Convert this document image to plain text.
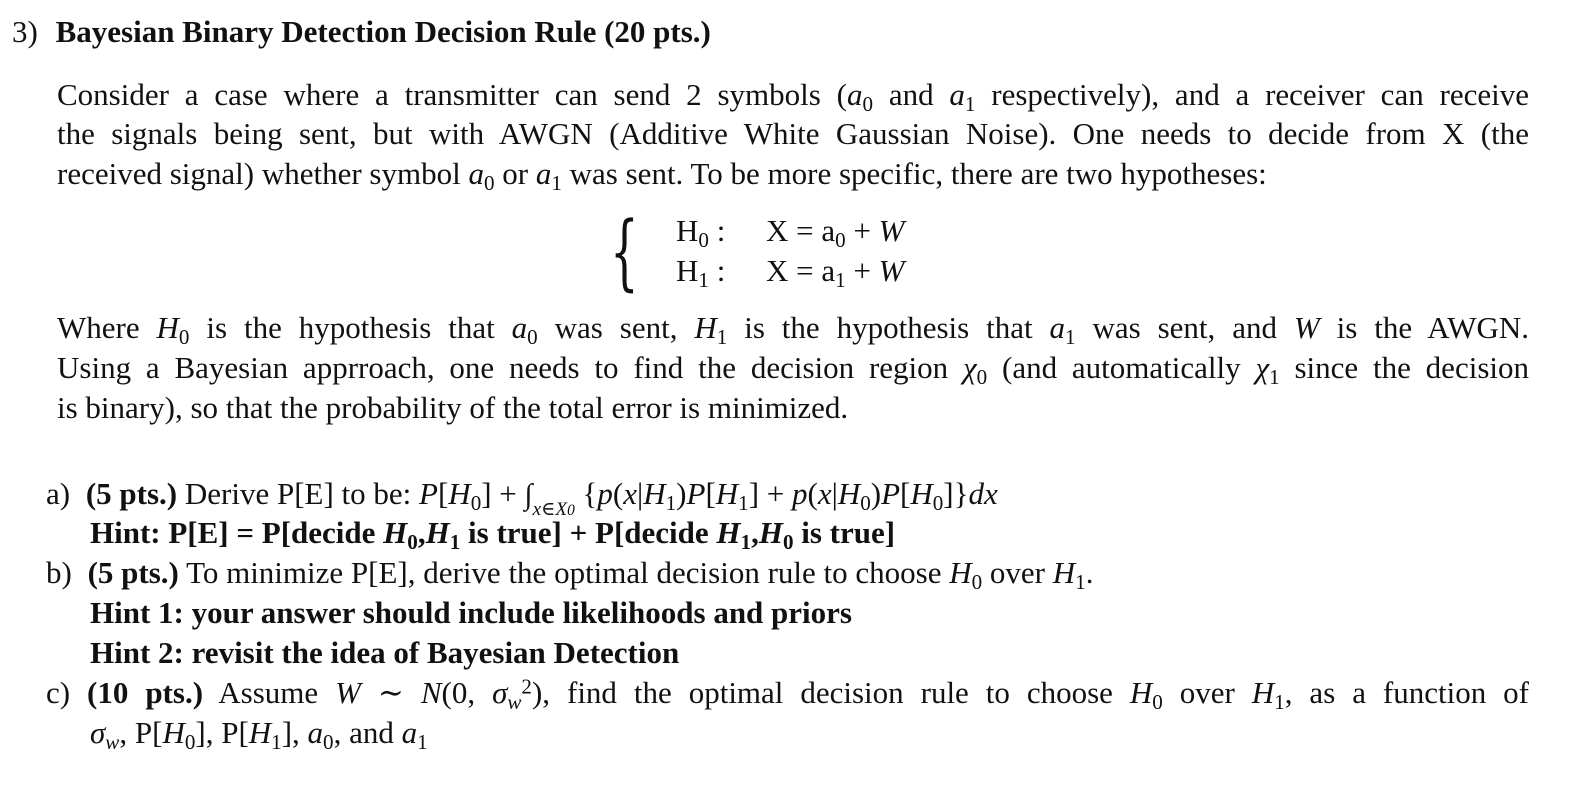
3) Bayesian Binary Detection Decision Rule (20 pts.)
Consider a case where a transmitter can send 2 symbols ($a_0$ and $a_1$ respectively), and a receiver can receive
the signals being sent, but with AWGN (Additive White Gaussian Noise). One needs to decide from X (the
received signal) whether symbol $a_0$ or $a_1$ was sent. To be more specific, there are two hypotheses:
{ $H_0$ : $X = a_0 + W$
$H_1$ : $X = a_1 + W$
Where $H_0$ is the hypothesis that $a_0$ was sent, $H_1$ is the hypothesis that $a_1$ was sent, and W is the AWGN.
Using a Bayesian apprroach, one needs to find the decision region $\chi_0$ (and automatically $\chi_1$ since the decision
is binary), so that the probability of the total error is minimized.
a) (5 pts.) Derive P[E] to be: $P[H_0] + \int_{x\in X0}$ $\{p(x|H_1)P[H_1] + p(x|H_0)P[H_0]\}dx$
Hint: P[E] = P[decide $H_0,H_1$ is true] + P[decide $H_1,H_0$ is true]
b) (5 pts.) To minimize P[E], derive the optimal decision rule to choose $H_0$ over $H_1$.
Hint 1: your answer should include likelihoods and priors
Hint 2: revisit the idea of Bayesian Detection
c) (10 pts.) Assume W ∼ N(0, $\sigma_w^2$), find the optimal decision rule to choose $H_0$ over $H_1$, as a function of
$\sigma_w$, $P[H_0]$, $P[H_1]$, $a_0$, and $a_1$
